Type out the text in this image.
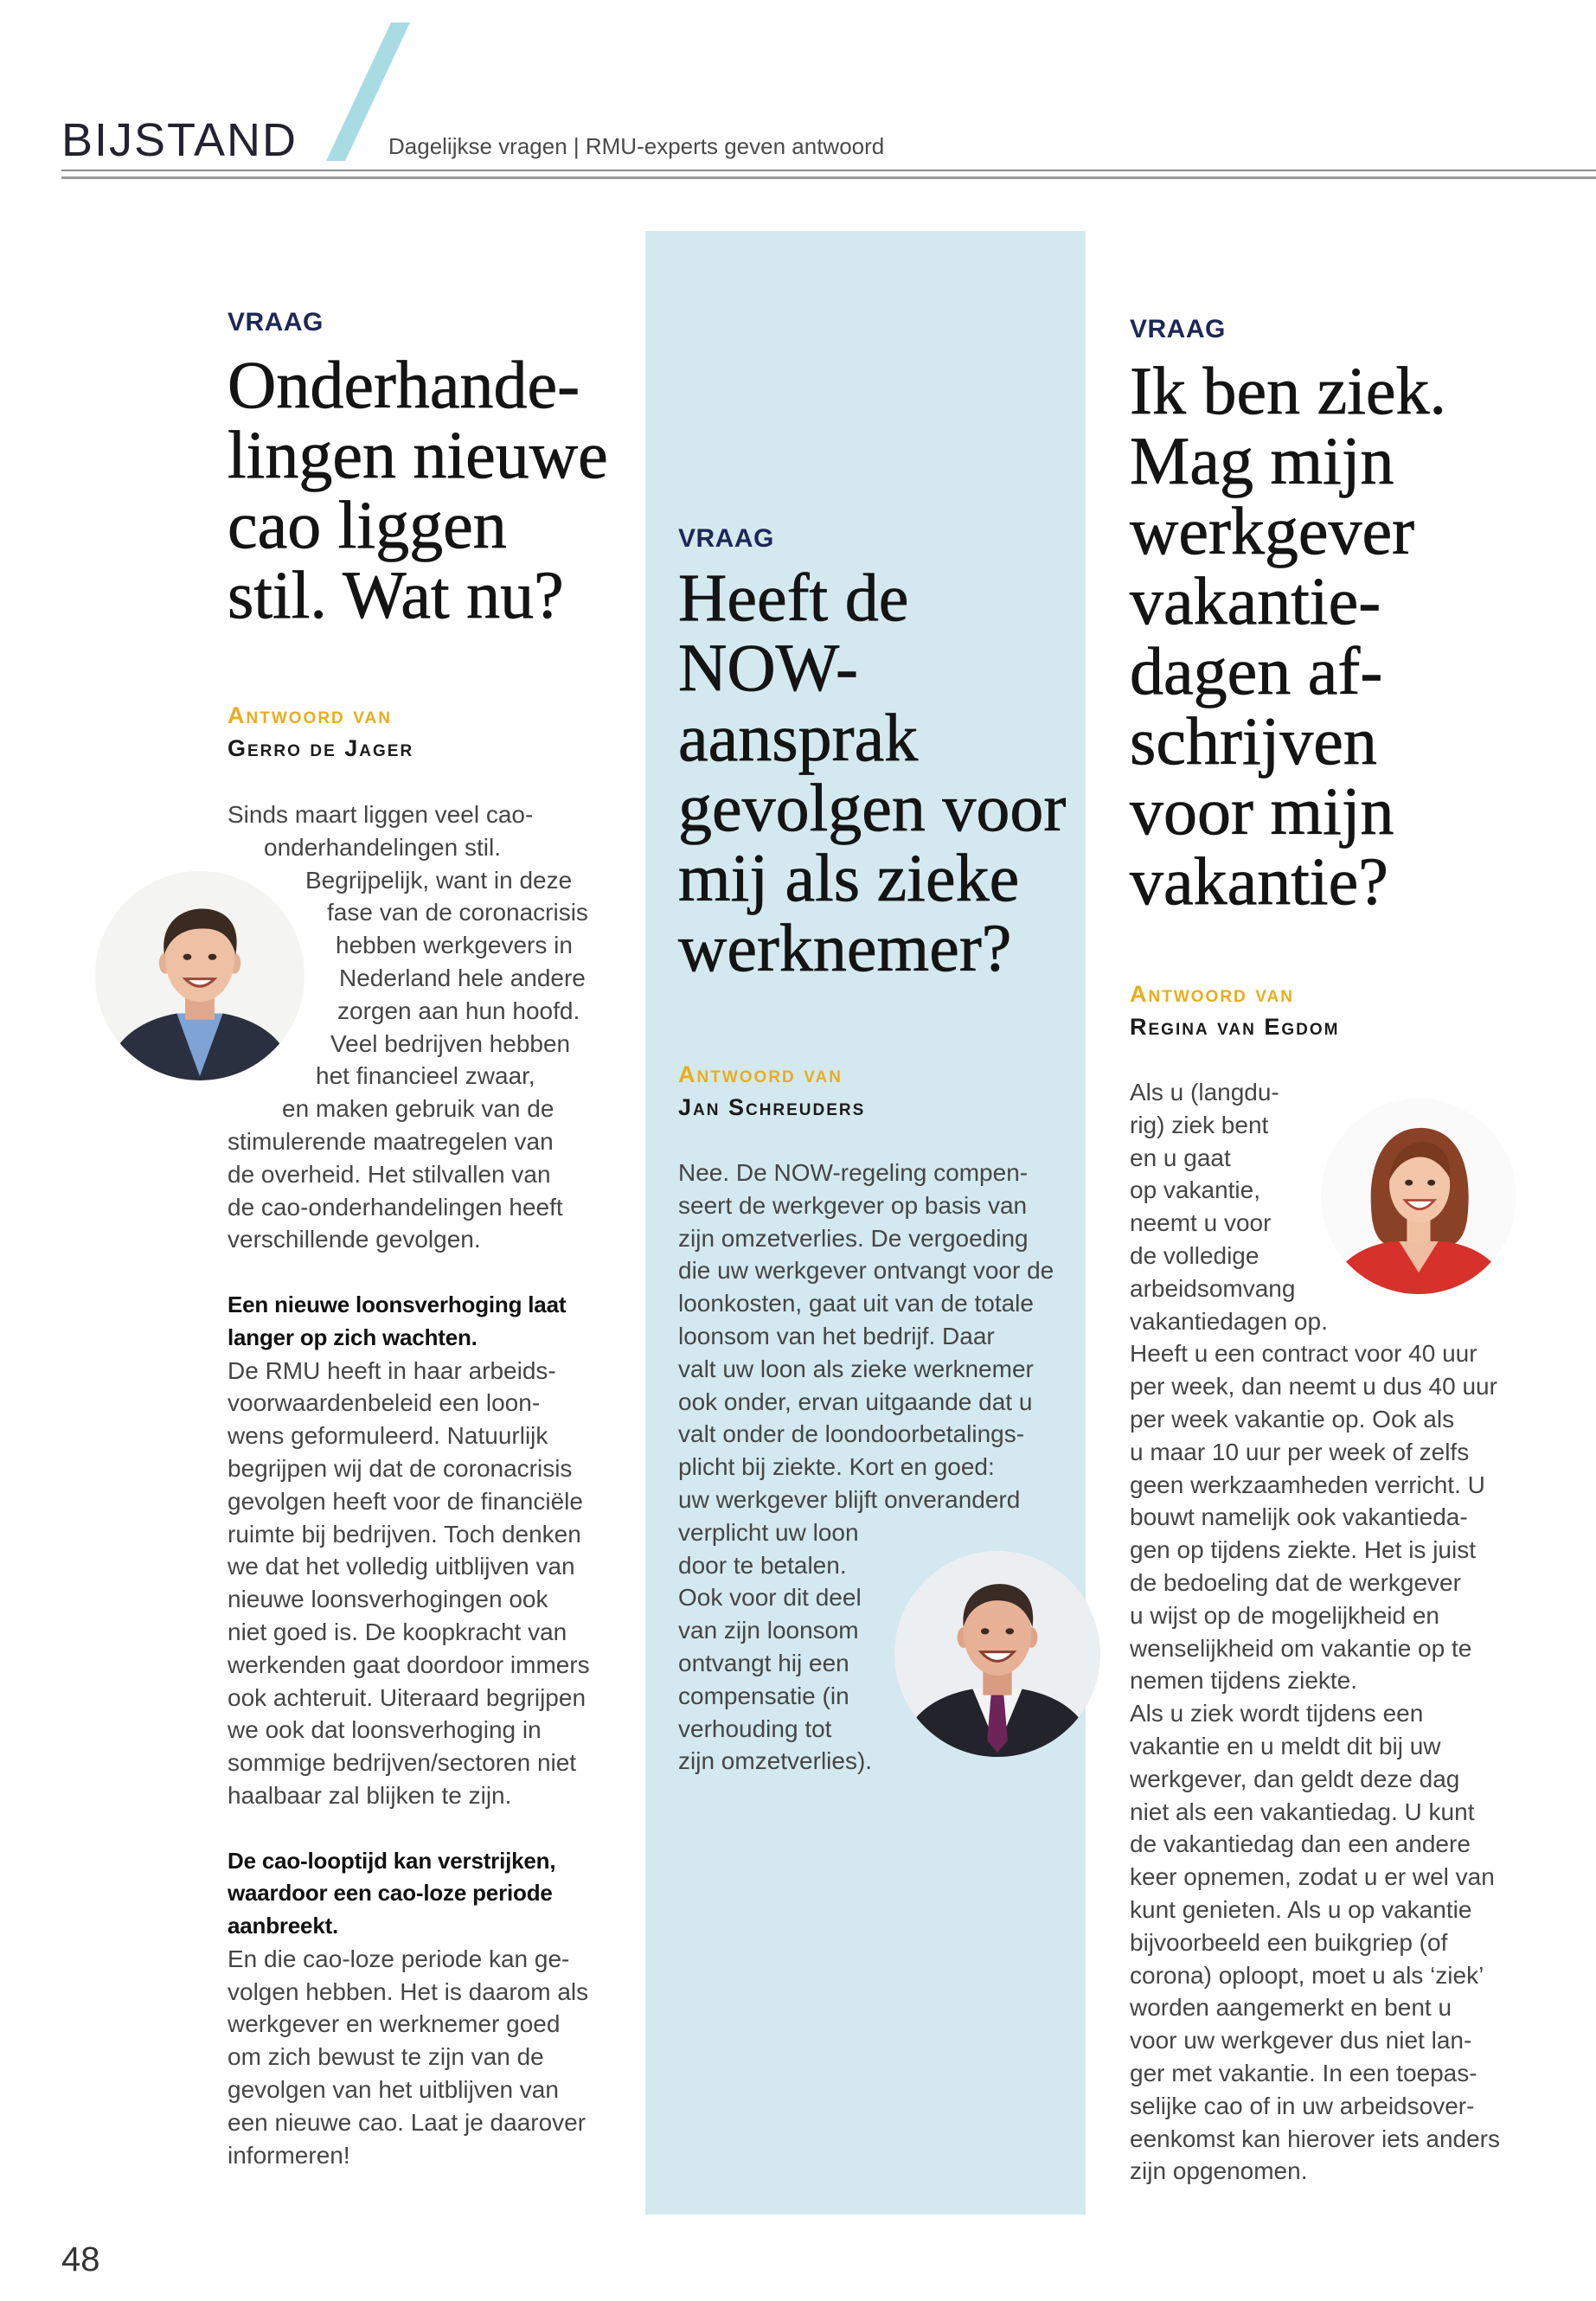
BIJSTAND	Dagelijkse vragen | RMU-experts geven antwoord
VRAAG
Onderhande-
lingen nieuwe
cao liggen
stil. Wat nu?
Antwoord van
Gerro de Jager
Sinds maart liggen veel cao-
onderhandelingen stil.
Begrijpelijk, want in deze
fase van de coronacrisis
hebben werkgevers in
Nederland hele andere
zorgen aan hun hoofd.
Veel bedrijven hebben
het financieel zwaar,
en maken gebruik van de
stimulerende maatregelen van
de overheid. Het stilvallen van
de cao-onderhandelingen heeft
verschillende gevolgen.
Een nieuwe loonsverhoging laat
langer op zich wachten.
De RMU heeft in haar arbeids-
voorwaardenbeleid een loon-
wens geformuleerd. Natuurlijk
begrijpen wij dat de coronacrisis
gevolgen heeft voor de financiële
ruimte bij bedrijven. Toch denken
we dat het volledig uitblijven van
nieuwe loonsverhogingen ook
niet goed is. De koopkracht van
werkenden gaat doordoor immers
ook achteruit. Uiteraard begrijpen
we ook dat loonsverhoging in
sommige bedrijven/sectoren niet
haalbaar zal blijken te zijn.
De cao-looptijd kan verstrijken,
waardoor een cao-loze periode
aanbreekt.
En die cao-loze periode kan ge-
volgen hebben. Het is daarom als
werkgever en werknemer goed
om zich bewust te zijn van de
gevolgen van het uitblijven van
een nieuwe cao. Laat je daarover
informeren!
VRAAG
Heeft de
NOW-
aansprak
gevolgen voor
mij als zieke
werknemer?
Antwoord van
Jan Schreuders
Nee. De NOW-regeling compen-
seert de werkgever op basis van
zijn omzetverlies. De vergoeding
die uw werkgever ontvangt voor de
loonkosten, gaat uit van de totale
loonsom van het bedrijf. Daar
valt uw loon als zieke werknemer
ook onder, ervan uitgaande dat u
valt onder de loondoorbetalings-
plicht bij ziekte. Kort en goed:
uw werkgever blijft onveranderd
verplicht uw loon
door te betalen.
Ook voor dit deel
van zijn loonsom
ontvangt hij een
compensatie (in
verhouding tot
zijn omzetverlies).
VRAAG
Ik ben ziek.
Mag mijn
werkgever
vakantie-
dagen af-
schrijven
voor mijn
vakantie?
Antwoord van
Regina van Egdom
Als u (langdu-
rig) ziek bent
en u gaat
op vakantie,
neemt u voor
de volledige
arbeidsomvang
vakantiedagen op.
Heeft u een contract voor 40 uur
per week, dan neemt u dus 40 uur
per week vakantie op. Ook als
u maar 10 uur per week of zelfs
geen werkzaamheden verricht. U
bouwt namelijk ook vakantieda-
gen op tijdens ziekte. Het is juist
de bedoeling dat de werkgever
u wijst op de mogelijkheid en
wenselijkheid om vakantie op te
nemen tijdens ziekte.
Als u ziek wordt tijdens een
vakantie en u meldt dit bij uw
werkgever, dan geldt deze dag
niet als een vakantiedag. U kunt
de vakantiedag dan een andere
keer opnemen, zodat u er wel van
kunt genieten. Als u op vakantie
bijvoorbeeld een buikgriep (of
corona) oploopt, moet u als ‘ziek’
worden aangemerkt en bent u
voor uw werkgever dus niet lan-
ger met vakantie. In een toepas-
selijke cao of in uw arbeidsover-
eenkomst kan hierover iets anders
zijn opgenomen.
48
